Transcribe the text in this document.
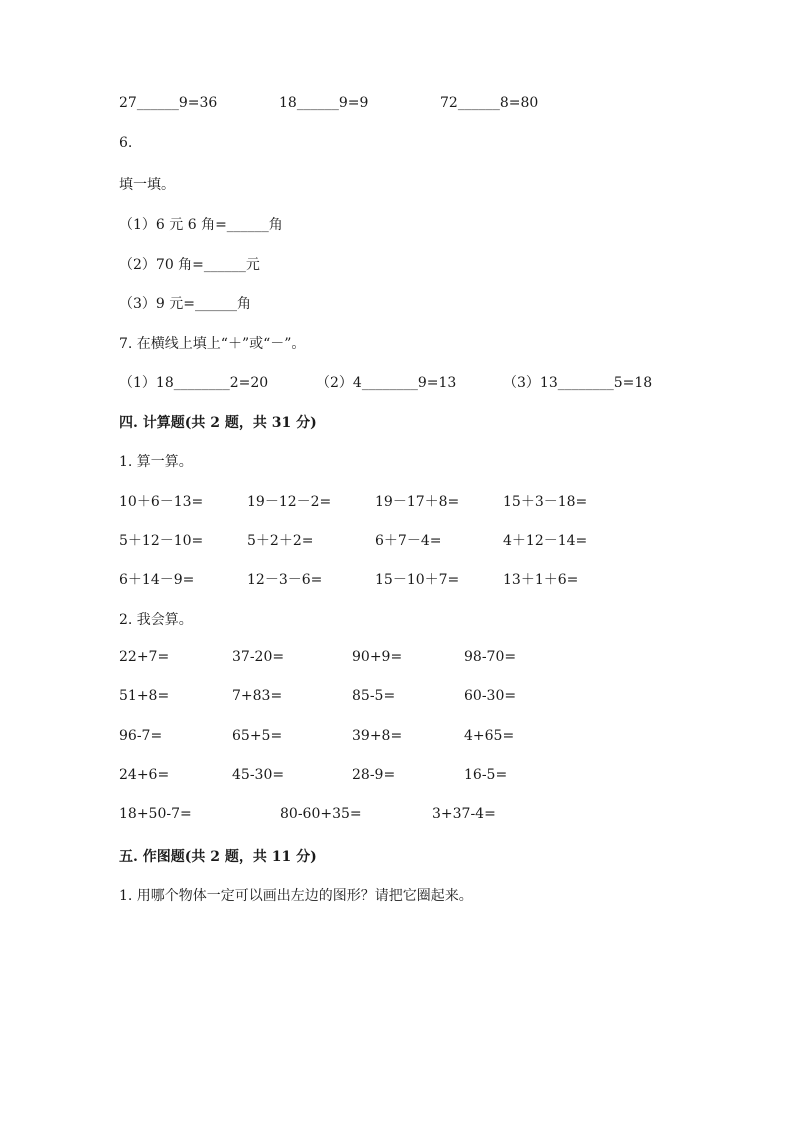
27______9=36	18______9=9	72______8=80
6.
填一填。
（1）6 元 6 角=______角
（2）70 角=______元
（3）9 元=______角
7. 在横线上填上“＋”或“－”。
（1）18________2=20	（2）4________9=13	（3）13________5=18
四. 计算题(共 2 题，共 31 分)
1. 算一算。
10＋6－13=	19－12－2=	19－17＋8=	15＋3－18=
5＋12－10=	5＋2＋2=	6＋7－4=	4＋12－14=
6＋14－9=	12－3－6=	15－10＋7=	13＋1＋6=
2. 我会算。
22+7=	37-20=	90+9=	98-70=
51+8=	7+83=	85-5=	60-30=
96-7=	65+5=	39+8=	4+65=
24+6=	45-30=	28-9=	16-5=
18+50-7=	80-60+35=	3+37-4=
五. 作图题(共 2 题，共 11 分)
1. 用哪个物体一定可以画出左边的图形？请把它圈起来。
